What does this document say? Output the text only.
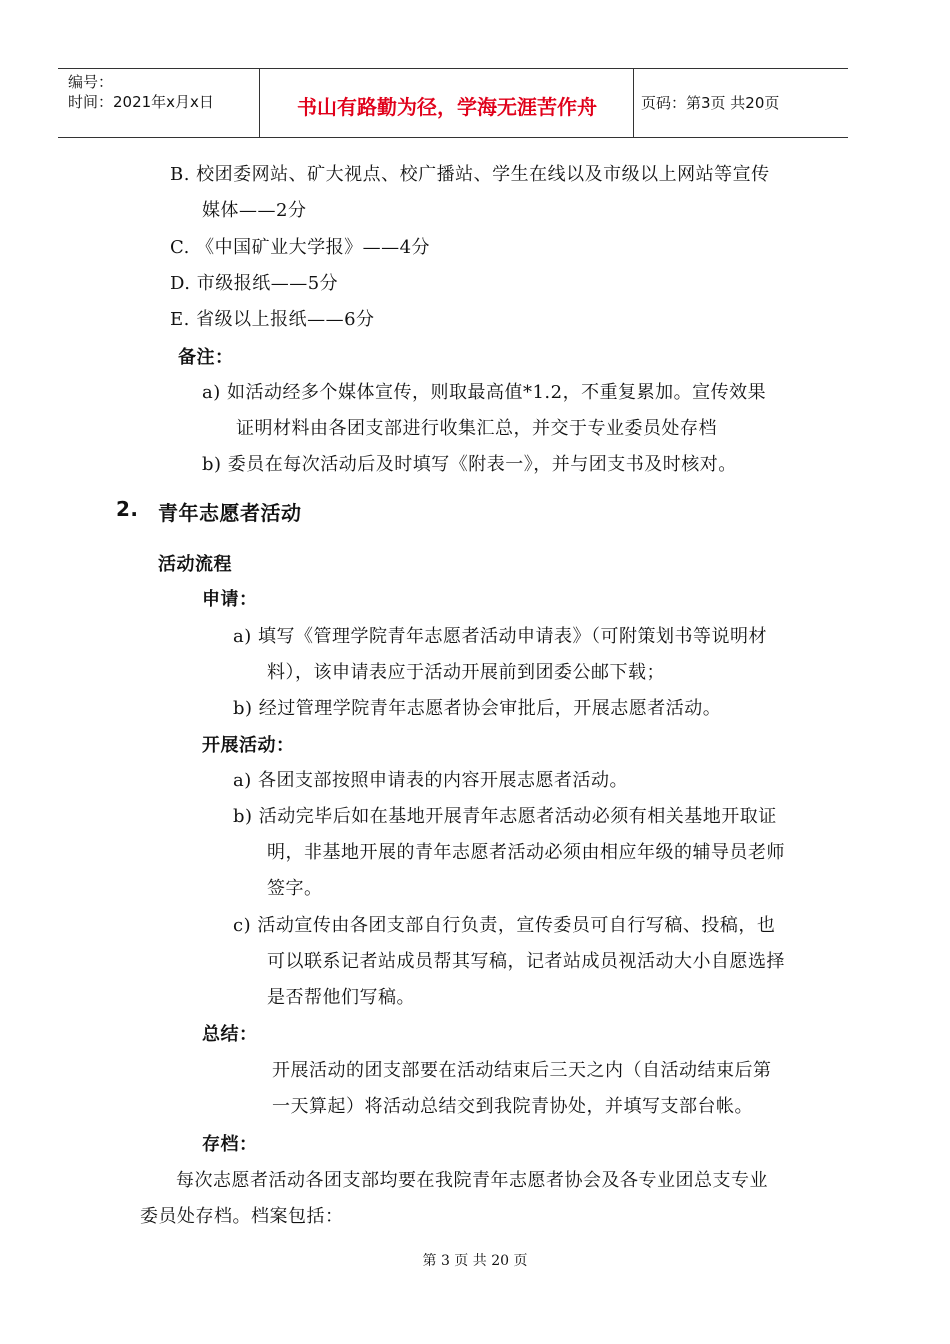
编号：
时间：2021年x月x日	书山有路勤为径，学海无涯苦作舟	页码：第3页 共20页
B. 校团委网站、矿大视点、校广播站、学生在线以及市级以上网站等宣传
媒体——2分
C. 《中国矿业大学报》——4分
D. 市级报纸——5分
E. 省级以上报纸——6分
备注：
a) 如活动经多个媒体宣传，则取最高值*1.2，不重复累加。宣传效果
证明材料由各团支部进行收集汇总，并交于专业委员处存档
b) 委员在每次活动后及时填写《附表一》，并与团支书及时核对。
2. 青年志愿者活动
活动流程
申请：
a) 填写《管理学院青年志愿者活动申请表》（可附策划书等说明材
料），该申请表应于活动开展前到团委公邮下载；
b) 经过管理学院青年志愿者协会审批后，开展志愿者活动。
开展活动：
a) 各团支部按照申请表的内容开展志愿者活动。
b) 活动完毕后如在基地开展青年志愿者活动必须有相关基地开取证
明，非基地开展的青年志愿者活动必须由相应年级的辅导员老师
签字。
c) 活动宣传由各团支部自行负责，宣传委员可自行写稿、投稿，也
可以联系记者站成员帮其写稿，记者站成员视活动大小自愿选择
是否帮他们写稿。
总结：
开展活动的团支部要在活动结束后三天之内（自活动结束后第
一天算起）将活动总结交到我院青协处，并填写支部台帐。
存档：
每次志愿者活动各团支部均要在我院青年志愿者协会及各专业团总支专业
委员处存档。档案包括：
第 3 页 共 20 页
